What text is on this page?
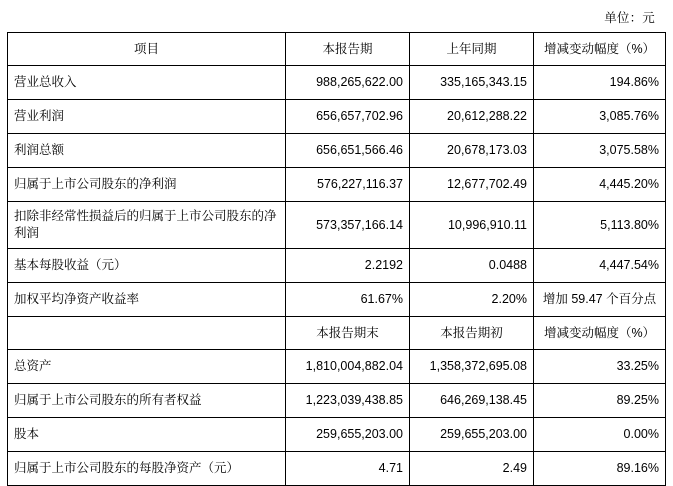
单位：元
项目	本报告期	上年同期	增减变动幅度（%）
营业总收入	988,265,622.00	335,165,343.15	194.86%
营业利润	656,657,702.96	20,612,288.22	3,085.76%
利润总额	656,651,566.46	20,678,173.03	3,075.58%
归属于上市公司股东的净利润	576,227,116.37	12,677,702.49	4,445.20%
扣除非经常性损益后的归属于上市公司股东的净利润	573,357,166.14	10,996,910.11	5,113.80%
基本每股收益（元）	2.2192	0.0488	4,447.54%
加权平均净资产收益率	61.67%	2.20%	增加 59.47 个百分点
	本报告期末	本报告期初	增减变动幅度（%）
总资产	1,810,004,882.04	1,358,372,695.08	33.25%
归属于上市公司股东的所有者权益	1,223,039,438.85	646,269,138.45	89.25%
股本	259,655,203.00	259,655,203.00	0.00%
归属于上市公司股东的每股净资产（元）	4.71	2.49	89.16%
